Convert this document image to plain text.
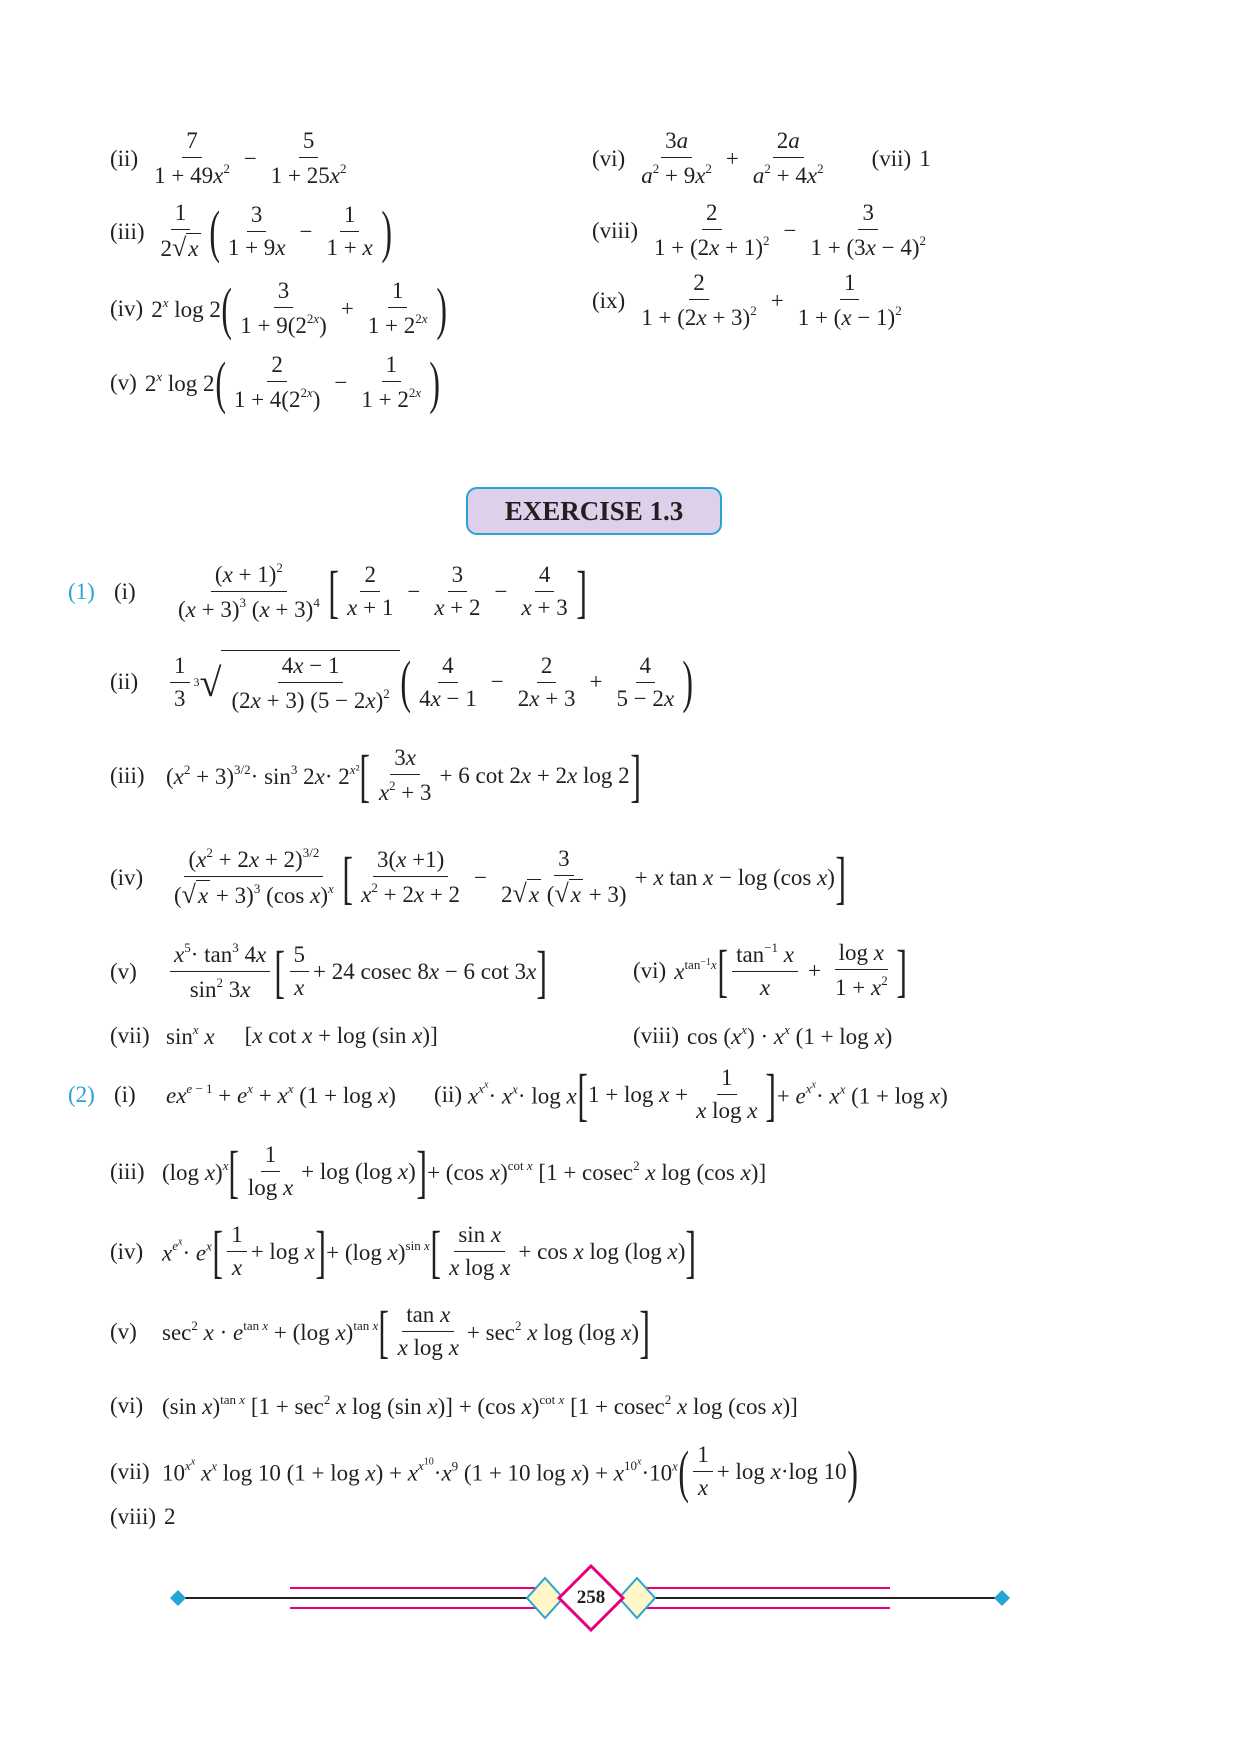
$(ii) \frac{7}{1 + 49x^2} - \frac{5}{1 + 25x^2}$	$(vi) \frac{3a}{a^2 + 9x^2} + \frac{2a}{a^2 + 4x^2} (vii)$ 1
$(iii) \frac{1}{2√x}$ ( $\frac{3}{1 + 9x} - \frac{1}{1 + x}$ )	(viii) $\frac{2}{1 + (2x + 1)^2} - \frac{3}{1 + (3x - 4)^2}$
(iv) 2$^x$ log 2 ( $\frac{3}{1 + 9(2^{2x})} + \frac{1}{1 + 2^{2x}}$ )	$(ix) \frac{2}{1 + (2x + 3)^2} + \frac{1}{1 + (x - 1)^2}$
(v) 2$^x$ log 2 ( $\frac{2}{1 + 4(2^{2x})} - \frac{1}{1 + 2^{2x}}$ )
EXERCISE 1.3
(1) (i)	$\frac{(x + 1)^2}{(x + 3)^3 (x + 3)^4}$ [ $\frac{2}{x + 1} - \frac{3}{x + 2} - \frac{4}{x + 3}$ ]
(ii)	$\frac{1}{3} 3$ √ $\frac{4x - 1}{(2x + 3) (5 - 2x)^2}$ ( $\frac{4}{4x - 1} - \frac{2}{2x + 3} + \frac{4}{5 - 2x}$ )
(iii) $(x^2 + 3)^{3/2}\cdot \sin^3 2x\cdot 2^{x^2}$ [ $\frac{3x}{x^2 + 3} + 6$ cot 2x + 2x log 2 ]
(iv)	$\frac{(x^2 + 2x + 2)^{3/2}}{(√x + 3)^3 (\cos x)^x}$ [ $\frac{3(x +1)}{x^2 + 2x + 2} - \frac{3}{2√x (√x + 3)} + x$ tan x − log (cos x) ]
(v)	$\frac{x^5\cdot \tan^3 4x}{\sin^2 3x}$ [ $\frac{5}{x} + 24$ cosec 8x − 6 cot 3x ]	(vi) $x^{tan^{-1}x}$ [ $\frac{\tan^{-1} x}{x} + \frac{\text{log x}}{1 + x^2}$ ]
(vii) $\sin^x x$ [x cot x + log (sin x)]	(viii) $\cos (x^x) \cdot x^x$ (1 + log x)
(2) (i)	$ex^{e - 1} + e^x + x^x$ (1 + log x) (ii) $x^{x^x}\cdot x^x\cdot \log x$ [ $1 + \log x + \frac{1}{\text{x log x}}$ ] + $e^{x^x}\cdot x^x$ (1 + log x)
(iii) (log x)$^x$ [ $\frac{1}{\text{log x}} + \log (\log$ x) ] + (cos x)$^{cot x}$ [1 + cosec$^2$ x log (cos x)]
(iv) $x^{e^x}\cdot e^x$ [ $\frac{1}{x} + \log x$ ] + (log x)$^{sin x}$ [ $\frac{\text{sin x}}{\text{x log x}} + \cos x$ log (log x) ]
(v)	$\sec^2 x \cdot e^{tan x} + (\log$ x)$^{tan x}$ [ $\frac{\text{tan x}}{\text{x log x}} + \sec^2 x$ log (log x) ]
(vi) (sin x)$^{tan x}$ [$1 + \sec^2 x$ log (sin x)] + (cos x)$^{cot x}$ [1 + cosec$^2$ x log (cos x)]
(vii) 10$^{x^x}$ $x^x$ log 10 $(1 + \log x) + x^{x^{10}}\cdot x^9$ (1 + 10 $\log x) + x^{10^x}\cdot 10^x$ ( $\frac{1}{x} + \log x\cdot\log$ 10 )
(viii) 2
258
